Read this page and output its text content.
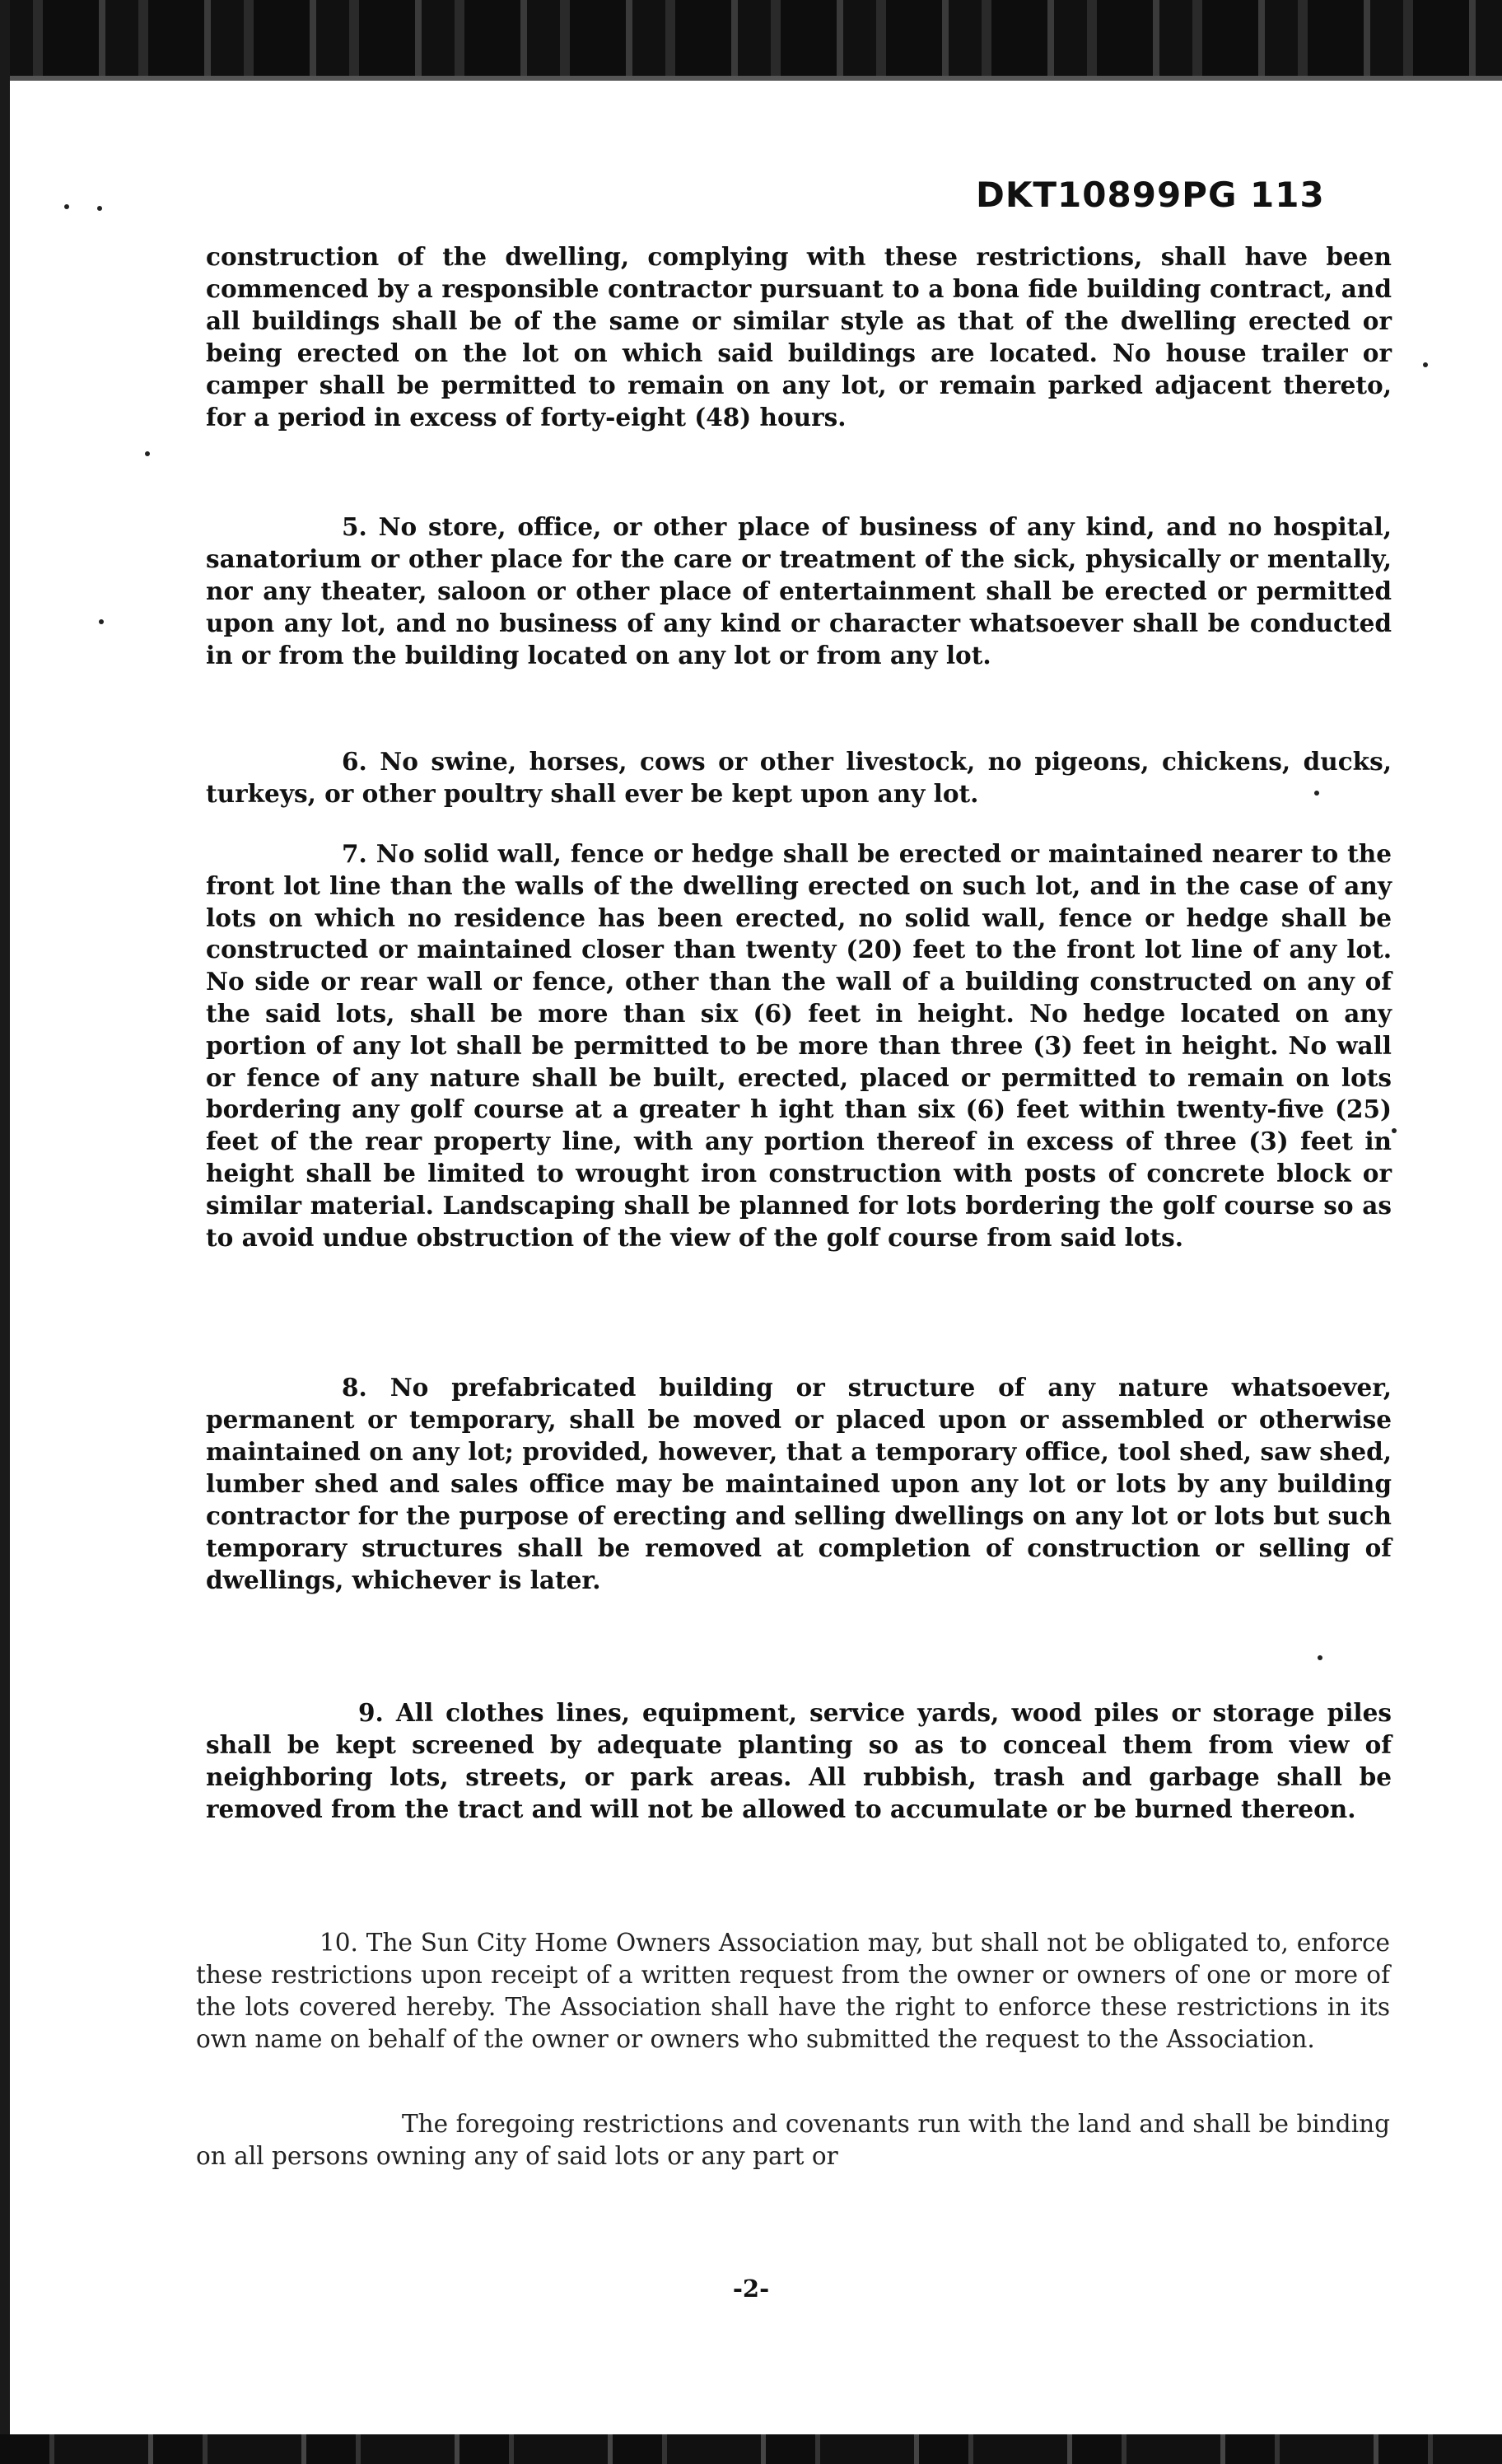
DKT10899PG 113

construction of the dwelling, complying with these restrictions, shall have been commenced by a responsible contractor pursuant to a bona fide building contract, and all buildings shall be of the same or similar style as that of the dwelling erected or being erected on the lot on which said buildings are located. No house trailer or camper shall be permitted to remain on any lot, or remain parked adjacent thereto, for a period in excess of forty-eight (48) hours.

5. No store, office, or other place of business of any kind, and no hospital, sanatorium or other place for the care or treatment of the sick, physically or mentally, nor any theater, saloon or other place of entertainment shall be erected or permitted upon any lot, and no business of any kind or character whatsoever shall be conducted in or from the building located on any lot or from any lot.

6. No swine, horses, cows or other livestock, no pigeons, chickens, ducks, turkeys, or other poultry shall ever be kept upon any lot.

7. No solid wall, fence or hedge shall be erected or maintained nearer to the front lot line than the walls of the dwelling erected on such lot, and in the case of any lots on which no residence has been erected, no solid wall, fence or hedge shall be constructed or maintained closer than twenty (20) feet to the front lot line of any lot. No side or rear wall or fence, other than the wall of a building constructed on any of the said lots, shall be more than six (6) feet in height. No hedge located on any portion of any lot shall be permitted to be more than three (3) feet in height. No wall or fence of any nature shall be built, erected, placed or permitted to remain on lots bordering any golf course at a greater h ight than six (6) feet within twenty-five (25) feet of the rear property line, with any portion thereof in excess of three (3) feet in height shall be limited to wrought iron construction with posts of concrete block or similar material. Landscaping shall be planned for lots bordering the golf course so as to avoid undue obstruction of the view of the golf course from said lots.

8. No prefabricated building or structure of any nature whatsoever, permanent or temporary, shall be moved or placed upon or assembled or otherwise maintained on any lot; provided, however, that a temporary office, tool shed, saw shed, lumber shed and sales office may be maintained upon any lot or lots by any building contractor for the purpose of erecting and selling dwellings on any lot or lots but such temporary structures shall be removed at completion of construction or selling of dwellings, whichever is later.

9. All clothes lines, equipment, service yards, wood piles or storage piles shall be kept screened by adequate planting so as to conceal them from view of neighboring lots, streets, or park areas. All rubbish, trash and garbage shall be removed from the tract and will not be allowed to accumulate or be burned thereon.

10. The Sun City Home Owners Association may, but shall not be obligated to, enforce these restrictions upon receipt of a written request from the owner or owners of one or more of the lots covered hereby. The Association shall have the right to enforce these restrictions in its own name on behalf of the owner or owners who submitted the request to the Association.

The foregoing restrictions and covenants run with the land and shall be binding on all persons owning any of said lots or any part or

-2-
